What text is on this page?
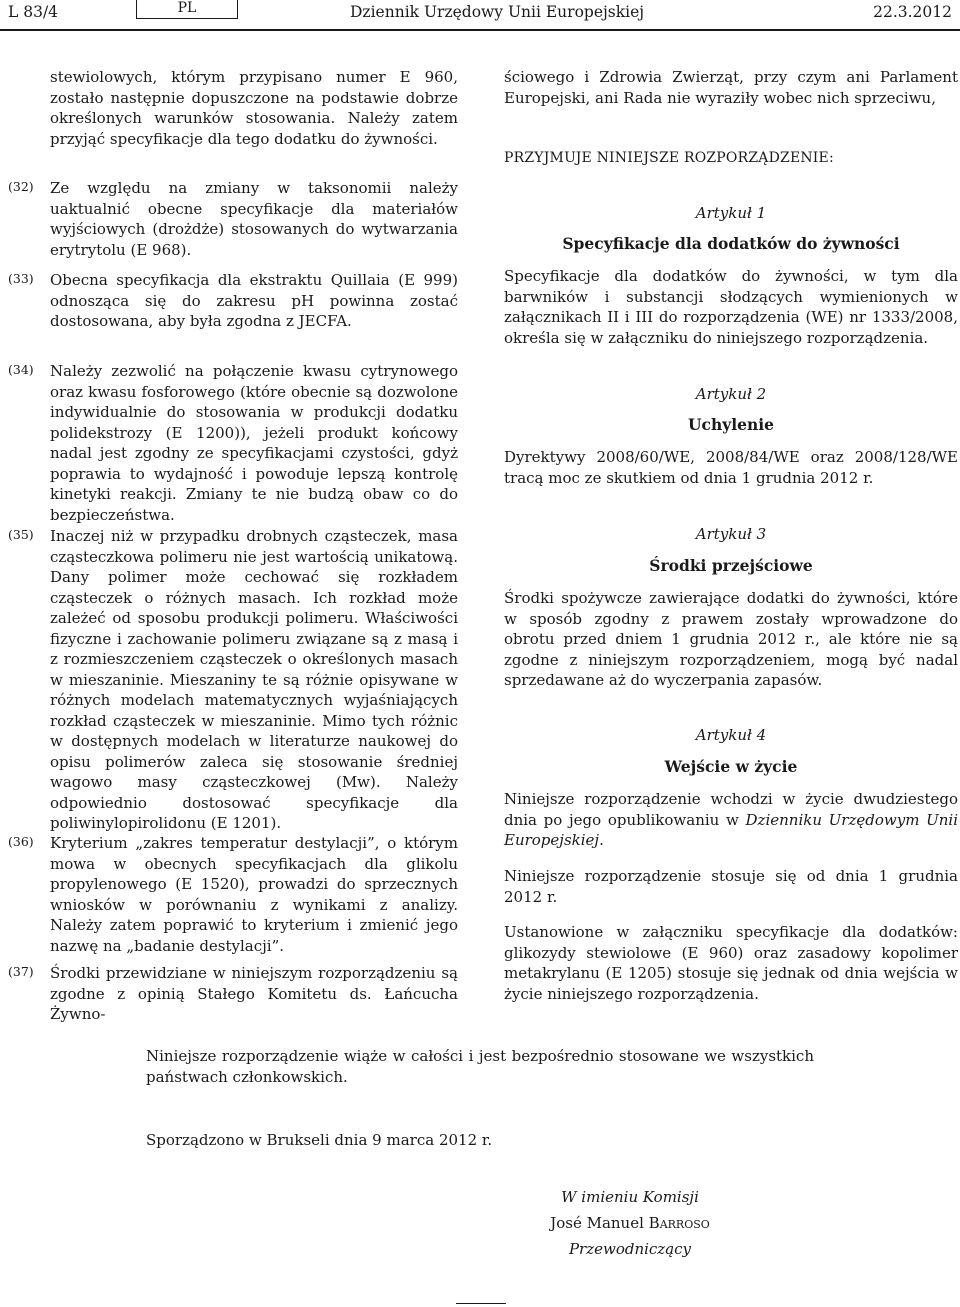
L 83/4	PL	Dziennik Urzędowy Unii Europejskiej	22.3.2012
stewiolowych, którym przypisano numer E 960, zostało następnie dopuszczone na podstawie dobrze określonych warunków stosowania. Należy zatem przyjąć specyfikacje dla tego dodatku do żywności.
(32)	Ze względu na zmiany w taksonomii należy uaktualnić obecne specyfikacje dla materiałów wyjściowych (drożdże) stosowanych do wytwarzania erytrytolu (E 968).
(33)	Obecna specyfikacja dla ekstraktu Quillaia (E 999) odnosząca się do zakresu pH powinna zostać dostosowana, aby była zgodna z JECFA.
(34)	Należy zezwolić na połączenie kwasu cytrynowego oraz kwasu fosforowego (które obecnie są dozwolone indywidualnie do stosowania w produkcji dodatku polidekstrozy (E 1200)), jeżeli produkt końcowy nadal jest zgodny ze specyfikacjami czystości, gdyż poprawia to wydajność i powoduje lepszą kontrolę kinetyki reakcji. Zmiany te nie budzą obaw co do bezpieczeństwa.
(35)	Inaczej niż w przypadku drobnych cząsteczek, masa cząsteczkowa polimeru nie jest wartością unikatową. Dany polimer może cechować się rozkładem cząsteczek o różnych masach. Ich rozkład może zależeć od sposobu produkcji polimeru. Właściwości fizyczne i zachowanie polimeru związane są z masą i z rozmieszczeniem cząsteczek o określonych masach w mieszaninie. Mieszaniny te są różnie opisywane w różnych modelach matematycznych wyjaśniających rozkład cząsteczek w mieszaninie. Mimo tych różnic w dostępnych modelach w literaturze naukowej do opisu polimerów zaleca się stosowanie średniej wagowo masy cząsteczkowej (Mw). Należy odpowiednio dostosować specyfikacje dla poliwinylopirolidonu (E 1201).
(36)	Kryterium „zakres temperatur destylacji”, o którym mowa w obecnych specyfikacjach dla glikolu propylenowego (E 1520), prowadzi do sprzecznych wniosków w porównaniu z wynikami z analizy. Należy zatem poprawić to kryterium i zmienić jego nazwę na „badanie destylacji”.
(37)	Środki przewidziane w niniejszym rozporządzeniu są zgodne z opinią Stałego Komitetu ds. Łańcucha Żywno-
ściowego i Zdrowia Zwierząt, przy czym ani Parlament Europejski, ani Rada nie wyraziły wobec nich sprzeciwu,
PRZYJMUJE NINIEJSZE ROZPORZĄDZENIE:
Artykuł 1
Specyfikacje dla dodatków do żywności
Specyfikacje dla dodatków do żywności, w tym dla barwników i substancji słodzących wymienionych w załącznikach II i III do rozporządzenia (WE) nr 1333/2008, określa się w załączniku do niniejszego rozporządzenia.
Artykuł 2
Uchylenie
Dyrektywy 2008/60/WE, 2008/84/WE oraz 2008/128/WE tracą moc ze skutkiem od dnia 1 grudnia 2012 r.
Artykuł 3
Środki przejściowe
Środki spożywcze zawierające dodatki do żywności, które w sposób zgodny z prawem zostały wprowadzone do obrotu przed dniem 1 grudnia 2012 r., ale które nie są zgodne z niniejszym rozporządzeniem, mogą być nadal sprzedawane aż do wyczerpania zapasów.
Artykuł 4
Wejście w życie
Niniejsze rozporządzenie wchodzi w życie dwudziestego dnia po jego opublikowaniu w Dzienniku Urzędowym Unii Europejskiej.
Niniejsze rozporządzenie stosuje się od dnia 1 grudnia 2012 r.
Ustanowione w załączniku specyfikacje dla dodatków: glikozydy stewiolowe (E 960) oraz zasadowy kopolimer metakrylanu (E 1205) stosuje się jednak od dnia wejścia w życie niniejszego rozporządzenia.
Niniejsze rozporządzenie wiąże w całości i jest bezpośrednio stosowane we wszystkich państwach członkowskich.
Sporządzono w Brukseli dnia 9 marca 2012 r.
W imieniu Komisji
José Manuel Barroso
Przewodniczący
